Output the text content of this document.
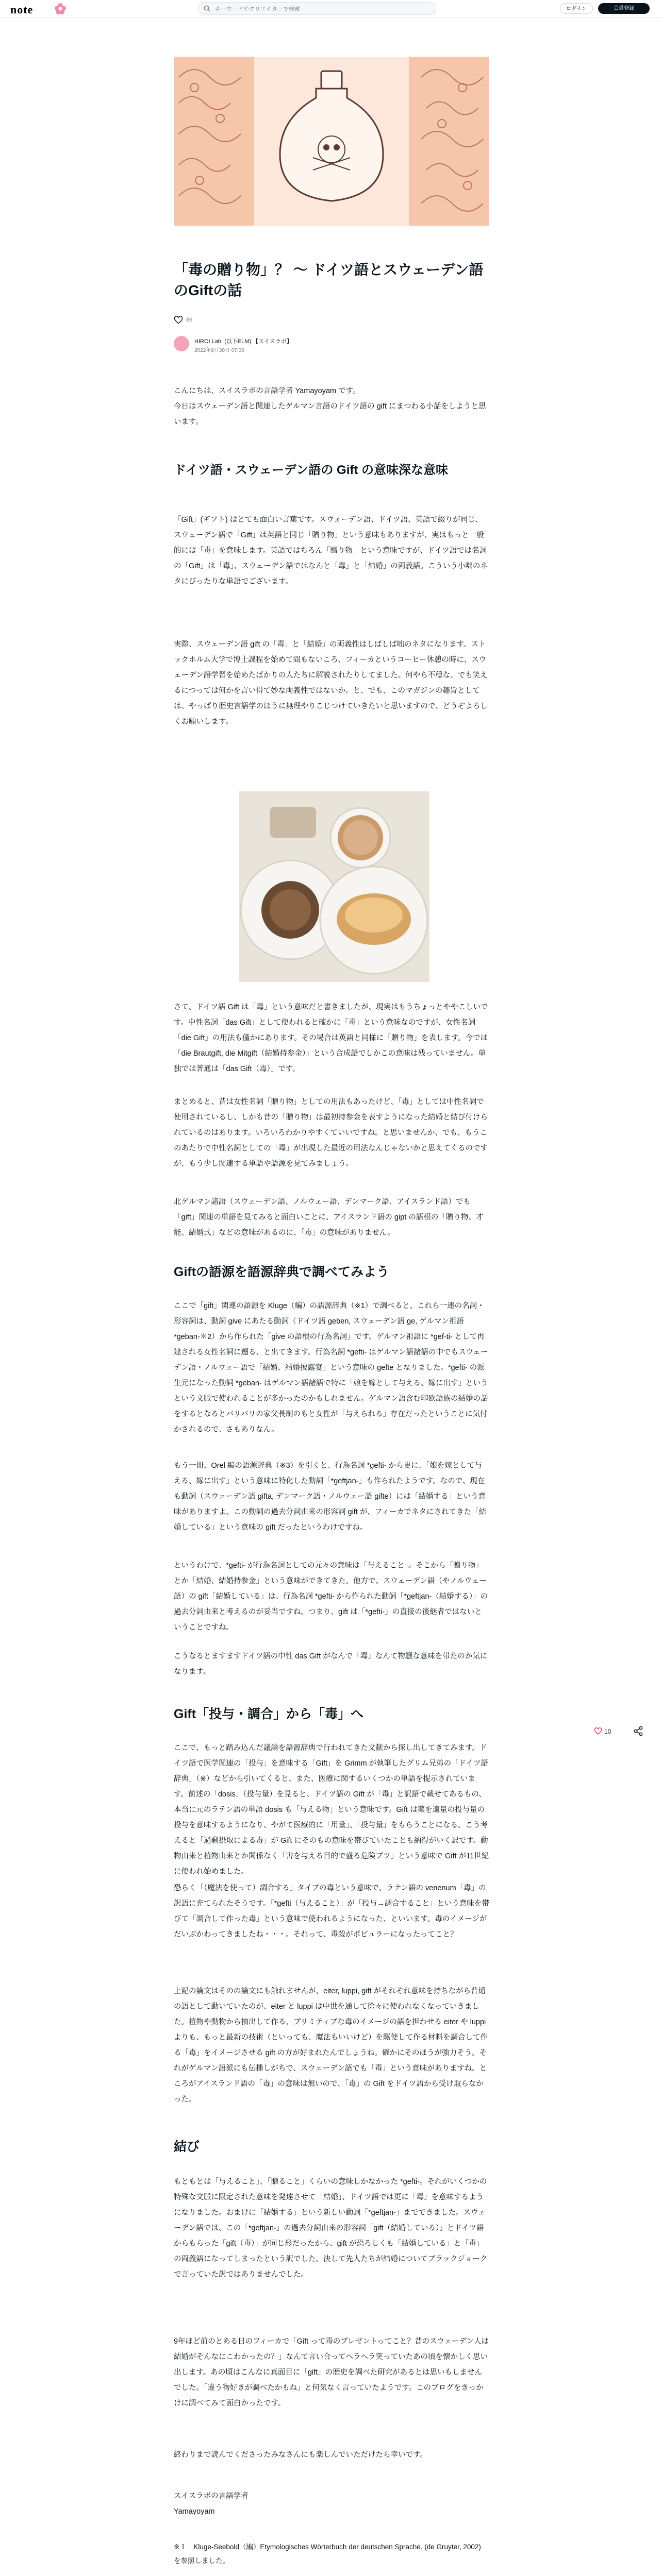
note
キーワードやクリエイターで検索	ログイン	会員登録
「毒の贈り物」？ 〜 ドイツ語とスウェーデン語のGiftの話
86
HIROI Lab. (以下ELM) 【スイスラボ】
2022年9月30日 07:00

こんにちは、スイスラボの言語学者 Yamayoyam です。

今日はスウェーデン語と関連したゲルマン言語のドイツ語の gift にまつわる小話をしようと思います。

ドイツ語・スウェーデン語の Gift の意味深な意味

「Gift」(ギフト) はとても面白い言葉です。スウェーデン語、ドイツ語、英語で綴りが同じ、スウェーデン語で「Gift」は英語と同じ「贈り物」という意味もありますが、実はもっと一般的には「毒」を意味します。英語ではちろん「贈り物」という意味ですが、ドイツ語では名詞の「Gift」は「毒」、スウェーデン語ではなんと「毒」と「結婚」の両義語。こういう小咄のネタにぴったりな単語でございます。

実際、スウェーデン語 gift の「毒」と「結婚」の両義性はしばしば咄のネタになります。ストックホルム大学で博士課程を始めて間もないころ、フィーカというコーヒー休憩の時に、スウェーデン語学習を始めたばかりの人たちに解説されたりしてました。何やら不穏な、でも笑えるにつっては何かを言い得て妙な両義性ではないか。と、でも、このマガジンの趣旨としては、やっぱり歴史言語学のほうに無理やりこじつけていきたいと思いますので、どうぞよろしくお願いします。

さて、ドイツ語 Gift は「毒」という意味だと書きましたが、現実はもうちょっとややこしいです。中性名詞「das Gift」として使われると確かに「毒」という意味なのですが、女性名詞「die Gift」の用法も僅かにあります。その場合は英語と同様に「贈り物」を表します。今では「die Brautgift, die Mitgift（結婚持参金）」という合成語でしかこの意味は残っていません。単独では普通は「das Gift（毒）」です。

まとめると、昔は女性名詞「贈り物」としての用法もあったけど、「毒」としては中性名詞で使用されているし、しかも昔の「贈り物」は最初持参金を表すようになった結婚と結び付けられているのはあります。いろいろわかりやすくていいですね。と思いませんか、でも、もうこのあたりで中性名詞としての「毒」が出現した最近の用法なんじゃないかと思えてくるのですが、もう少し関連する単語や語源を見てみましょう。

北ゲルマン諸語（スウェーデン語、ノルウェー語、デンマーク語、アイスランド語）でも「gift」関連の単語を見てみると面白いことに、アイスランド語の gipt の語根の「贈り物、才能、結婚式」などの意味があるのに、「毒」の意味がありません。

Giftの語源を語源辞典で調べてみよう

ここで「gift」関連の語源を Kluge（編）の語源辞典（※1）で調べると、これら一連の名詞・形容詞は、動詞 give にあたる動詞（ドイツ語 geben, スウェーデン語 ge, ゲルマン祖語 *geban-＊2）から作られた「give の語根の行為名詞」です。ゲルマン祖語に *gef-ti- として再建される女性名詞に遡る、と出てきます。行為名詞 *gefti- はゲルマン語諸語の中でもスウェーデン語・ノルウェー語で「結婚、結婚披露宴」という意味の gefte となりました。*gefti- の派生元になった動詞 *geban- はゲルマン語諸語で特に「娘を嫁として与える、嫁に出す」というという文脈で使われることが多かったのかもしれません。ゲルマン語含む印欧語族の結婚の話をするとなるとバリバリの家父長制のもと女性が「与えられる」存在だったということに気付かされるので、さもありなん。

もう一冊、Orel 編の語源辞典（※3）を引くと、行為名詞 *gefti- から更に、「娘を嫁として与える、嫁に出す」という意味に特化した動詞「*geftjan-」も作られたようです。なので、現在も動詞（スウェーデン語 gifta, デンマーク語・ノルウェー語 gifte）には「結婚する」という意味がありますよ。この動詞の過去分詞由来の形容詞 gift が、フィーカでネタにされてきた「結婚している」という意味の gift だったというわけですね。

というわけで、*gefti- が行為名詞としての元々の意味は「与えること」。そこから「贈り物」とか「結婚、結婚持参金」という意味ができてきた。他方で、スウェーデン語（やノルウェー語）の gift「結婚している」は、行為名詞 *gefti- から作られた動詞「*geftjan-（結婚する）」の過去分詞由来と考えるのが妥当ですね。つまり、gift は「*gefti-」の直接の後継者ではないということですね。

こうなるとますますドイツ語の中性 das Gift がなんで「毒」なんて物騒な意味を帯たのか気になります。

Gift「投与・調合」から「毒」へ

ここで、もっと踏み込んだ議論を語源辞典で行われてきた文献から探し出してきてみます。ドイツ語で医学関連の「投与」を意味する「Gift」を Grimm が執筆したグリム兄弟の「ドイツ語辞典」（※）などから引いてくると、また、医療に関するいくつかの単語を提示されています。前述の「dosis」（投与量）を見ると、ドイツ語の Gift が「毒」と訳語で載せてあるもの、本当に元のラテン語の単語 dosis も「与える物」という意味です。Gift は薬を適量の投与量の投与を意味するようになり、やがて医療的に「用量」、「投与量」をもらうことになる。こう考えると「過剰摂取による毒」が Gift にそのもの意味を帯びていたことも納得がいく訳です。動物由来と植物由来とか関係なく「害を与える目的で盛る危険ブツ」という意味で Gift が11世紀に使われ始めました。

恐らく「（魔法を使って）調合する」タイプの毒という意味で、ラテン語の venenum「毒」の訳語に充てられたそうです。「*gefti（与えること）」が「投与→調合すること」という意味を帯びて「調合して作った毒」という意味で使われるようになった、といいます。毒のイメージがだいぶかわってきましたね・・・。それって、毒殺がポピュラーになったってこと？

上記の論文はそのの論文にも触れませんが、eiter, luppi, gift がそれぞれ意味を持ちながら普通の語として動いていたのが、eiter と luppi は中世を通して徐々に使われなくなっていきました。植物や動物から抽出して作る、プリミティブな毒のイメージの語を担わせる eiter や luppi よりも、もっと最新の技術（といっても、魔法もいいけど）を駆使して作る材料を調合して作る「毒」をイメージさせる gift の方が好まれたんでしょうね。確かにそのほうが強力そう。それがゲルマン語派にも伝播しがちで、スウェーデン語でも「毒」という意味がありますね。ところがアイスランド語の「毒」の意味は無いので、「毒」の Gift をドイツ語から受け取らなかった。

結び

もともとは「与えること」、「贈ること」くらいの意味しかなかった *gefti-。それがいくつかの特殊な文脈に限定された意味を発達させて「結婚」、ドイツ語では更に「毒」を意味するようになりました。おまけに「結婚する」という新しい動詞「*geftjan-」までできました。スウェーデン語では、この「*geftjan-」の過去分詞由来の形容詞「gift（結婚している）」とドイツ語からもらった「gift（毒）」が同じ形だったから、gift が恐ろしくも「結婚している」と「毒」の両義語になってしまったという訳でした。決して先人たちが結婚についてブラックジョークで言っていた訳ではありませんでした。

9年ほど前のとある日のフィーカで「Gift って毒のプレゼントってこと？昔のスウェーデン人は結婚がそんなにこわかったの？」なんて言い合ってヘラヘラ笑っていたあの頃を懐かしく思い出します。あの頃はこんなに真面目に「gift」の歴史を調べた研究があるとは思いもしませんでした。「違う物好きが調べたかもね」と何気なく言っていたようです。このブログをきっかけに調べてみて面白かったです。

終わりまで読んでくださったみなさんにも楽しんでいただけたら幸いです。

スイスラボの言語学者

Yamayoyam

※１　Kluge-Seebold（編）Etymologisches Wörterbuch der deutschen Sprache. (de Gruyter, 2002) を参照しました。

10
